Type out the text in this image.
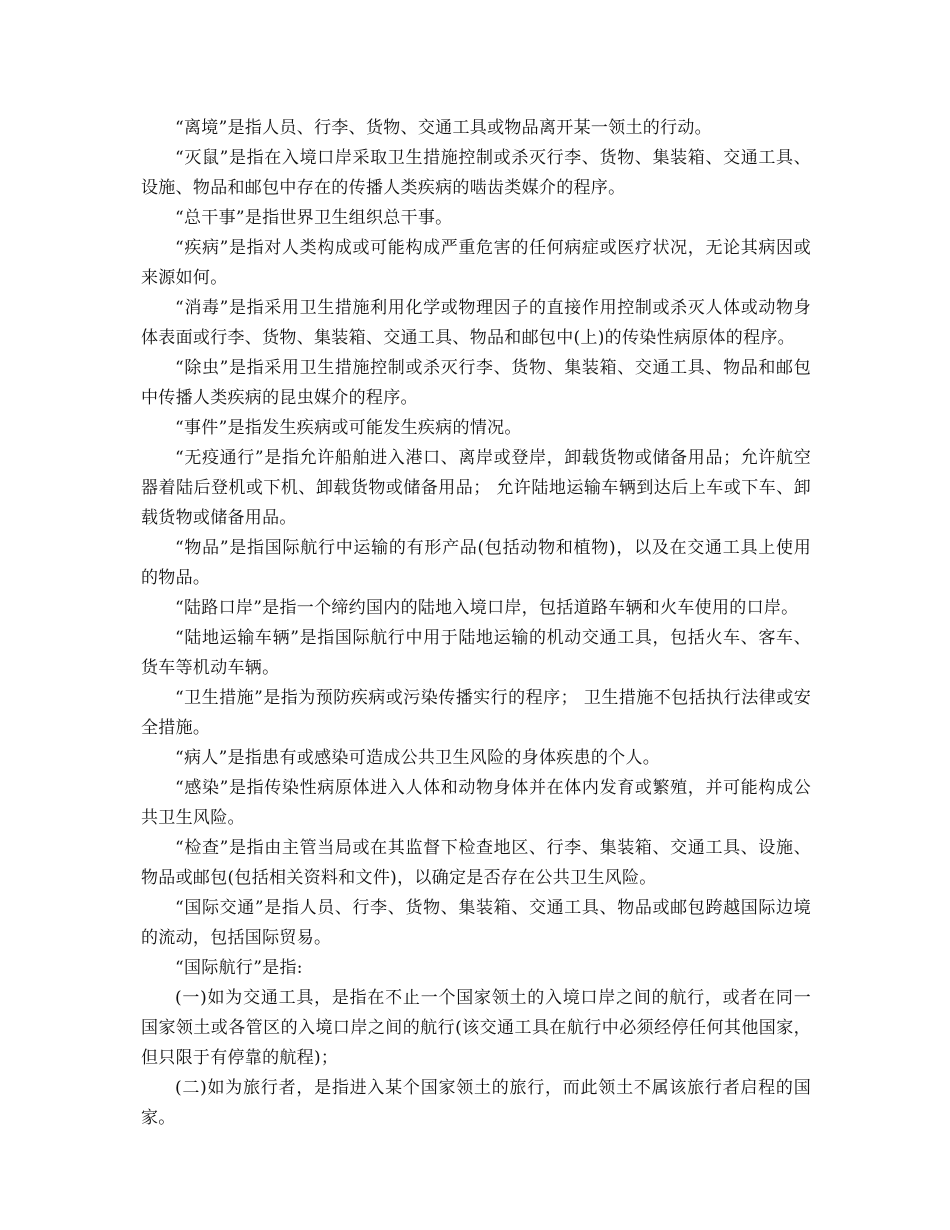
“离境”是指人员、行李、货物、交通工具或物品离开某一领土的行动。

“灭鼠”是指在入境口岸采取卫生措施控制或杀灭行李、货物、集装箱、交通工具、设施、物品和邮包中存在的传播人类疾病的啮齿类媒介的程序。

“总干事”是指世界卫生组织总干事。

“疾病”是指对人类构成或可能构成严重危害的任何病症或医疗状况，无论其病因或来源如何。

“消毒”是指采用卫生措施利用化学或物理因子的直接作用控制或杀灭人体或动物身体表面或行李、货物、集装箱、交通工具、物品和邮包中(上)的传染性病原体的程序。

“除虫”是指采用卫生措施控制或杀灭行李、货物、集装箱、交通工具、物品和邮包中传播人类疾病的昆虫媒介的程序。

“事件”是指发生疾病或可能发生疾病的情况。

“无疫通行”是指允许船舶进入港口、离岸或登岸，卸载货物或储备用品；允许航空器着陆后登机或下机、卸载货物或储备用品； 允许陆地运输车辆到达后上车或下车、卸载货物或储备用品。

“物品”是指国际航行中运输的有形产品(包括动物和植物)，以及在交通工具上使用的物品。

“陆路口岸”是指一个缔约国内的陆地入境口岸，包括道路车辆和火车使用的口岸。

“陆地运输车辆”是指国际航行中用于陆地运输的机动交通工具，包括火车、客车、货车等机动车辆。

“卫生措施”是指为预防疾病或污染传播实行的程序； 卫生措施不包括执行法律或安全措施。

“病人”是指患有或感染可造成公共卫生风险的身体疾患的个人。

“感染”是指传染性病原体进入人体和动物身体并在体内发育或繁殖，并可能构成公共卫生风险。

“检查”是指由主管当局或在其监督下检查地区、行李、集装箱、交通工具、设施、物品或邮包(包括相关资料和文件)，以确定是否存在公共卫生风险。

“国际交通”是指人员、行李、货物、集装箱、交通工具、物品或邮包跨越国际边境的流动，包括国际贸易。

“国际航行”是指:

(一)如为交通工具，是指在不止一个国家领土的入境口岸之间的航行，或者在同一国家领土或各管区的入境口岸之间的航行(该交通工具在航行中必须经停任何其他国家，但只限于有停靠的航程)；

(二)如为旅行者，是指进入某个国家领土的旅行，而此领土不属该旅行者启程的国家。
